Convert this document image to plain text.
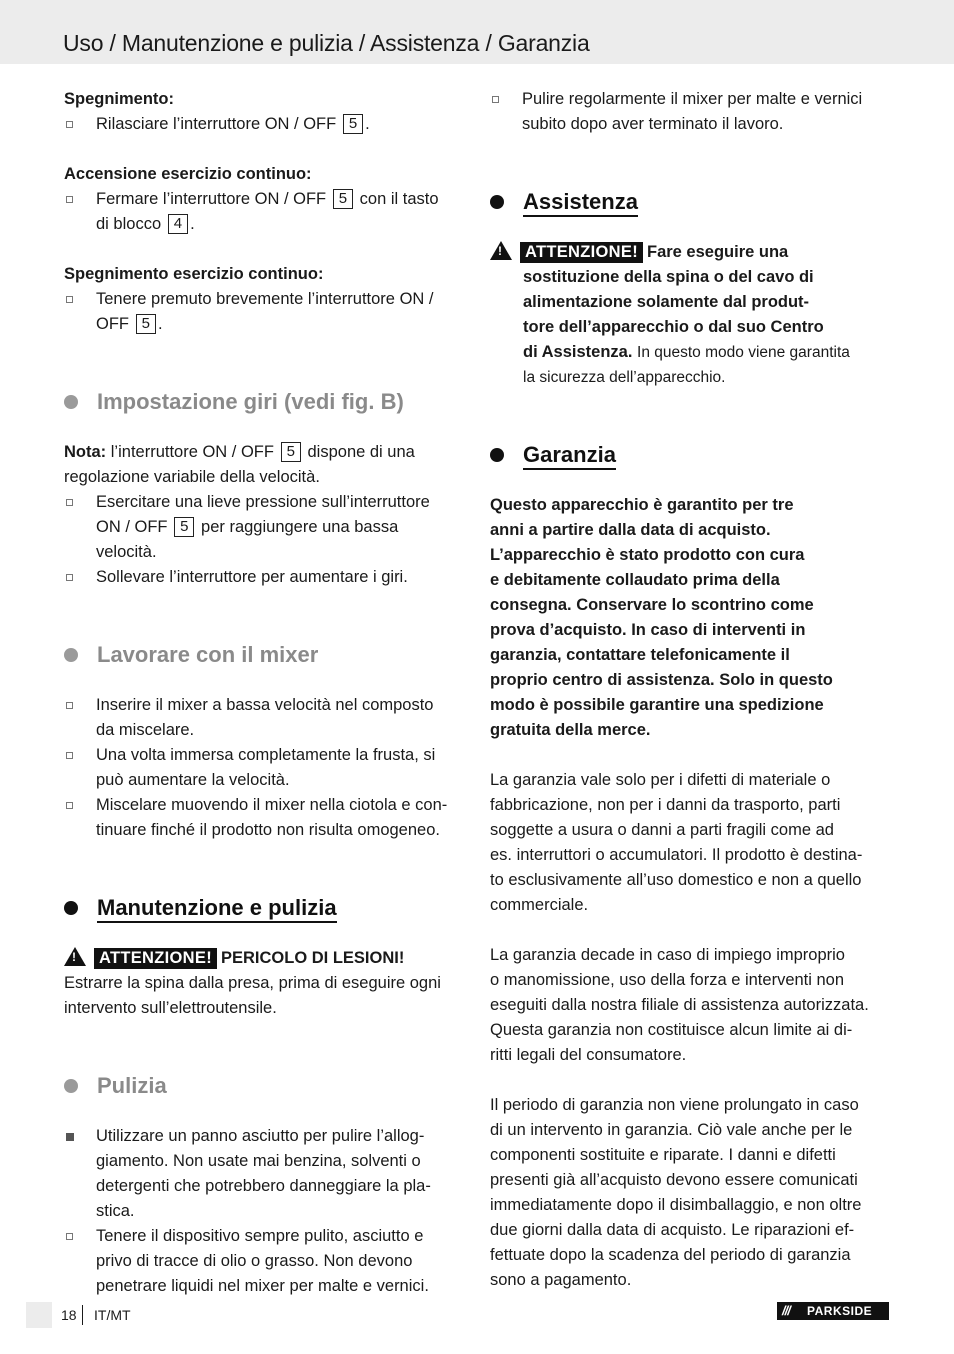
Uso / Manutenzione e pulizia / Assistenza / Garanzia

Spegnimento:

Rilasciare l’interruttore ON / OFF 5 .

Accensione esercizio continuo:

Fermare l’interruttore ON / OFF 5 con il tasto
di blocco 4 .

Spegnimento esercizio continuo:

Tenere premuto brevemente l’interruttore ON /
OFF 5 .

Impostazione giri (vedi fig. B)

Nota: l’interruttore ON / OFF 5 dispone di una
regolazione variabile della velocità.

Esercitare una lieve pressione sull’interruttore
ON / OFF 5 per raggiungere una bassa
velocità.

Sollevare l’interruttore per aumentare i giri.

Lavorare con il mixer

Inserire il mixer a bassa velocità nel composto
da miscelare.

Una volta immersa completamente la frusta, si
può aumentare la velocità.

Miscelare muovendo il mixer nella ciotola e con-
tinuare finché il prodotto non risulta omogeneo.

Manutenzione e pulizia

!ATTENZIONE! PERICOLO DI LESIONI!

Estrarre la spina dalla presa, prima di eseguire ogni
intervento sull’elettroutensile.

Pulizia

Utilizzare un panno asciutto per pulire l’allog-
giamento. Non usate mai benzina, solventi o
detergenti che potrebbero danneggiare la pla-
stica.

Tenere il dispositivo sempre pulito, asciutto e
privo di tracce di olio o grasso. Non devono
penetrare liquidi nel mixer per malte e vernici.

Pulire regolarmente il mixer per malte e vernici
subito dopo aver terminato il lavoro.

Assistenza

!ATTENZIONE! Fare eseguire una

sostituzione della spina o del cavo di
alimentazione solamente dal produt-
tore dell’apparecchio o dal suo Centro
di Assistenza. In questo modo viene garantita
la sicurezza dell’apparecchio.

Garanzia

Questo apparecchio è garantito per tre
anni a partire dalla data di acquisto.
L’apparecchio è stato prodotto con cura
e debitamente collaudato prima della
consegna. Conservare lo scontrino come
prova d’acquisto. In caso di interventi in
garanzia, contattare telefonicamente il
proprio centro di assistenza. Solo in questo
modo è possibile garantire una spedizione
gratuita della merce.

La garanzia vale solo per i difetti di materiale o
fabbricazione, non per i danni da trasporto, parti
soggette a usura o danni a parti fragili come ad
es. interruttori o accumulatori. Il prodotto è destina-
to esclusivamente all’uso domestico e non a quello
commerciale.

La garanzia decade in caso di impiego improprio
o manomissione, uso della forza e interventi non
eseguiti dalla nostra filiale di assistenza autorizzata.
Questa garanzia non costituisce alcun limite ai di-
ritti legali del consumatore.

Il periodo di garanzia non viene prolungato in caso
di un intervento in garanzia. Ciò vale anche per le
componenti sostituite e riparate. I danni e difetti
presenti già all’acquisto devono essere comunicati
immediatamente dopo il disimballaggio, e non oltre
due giorni dalla data di acquisto. Le riparazioni ef-
fettuate dopo la scadenza del periodo di garanzia
sono a pagamento.

18 IT/MT	/// PARKSIDE
